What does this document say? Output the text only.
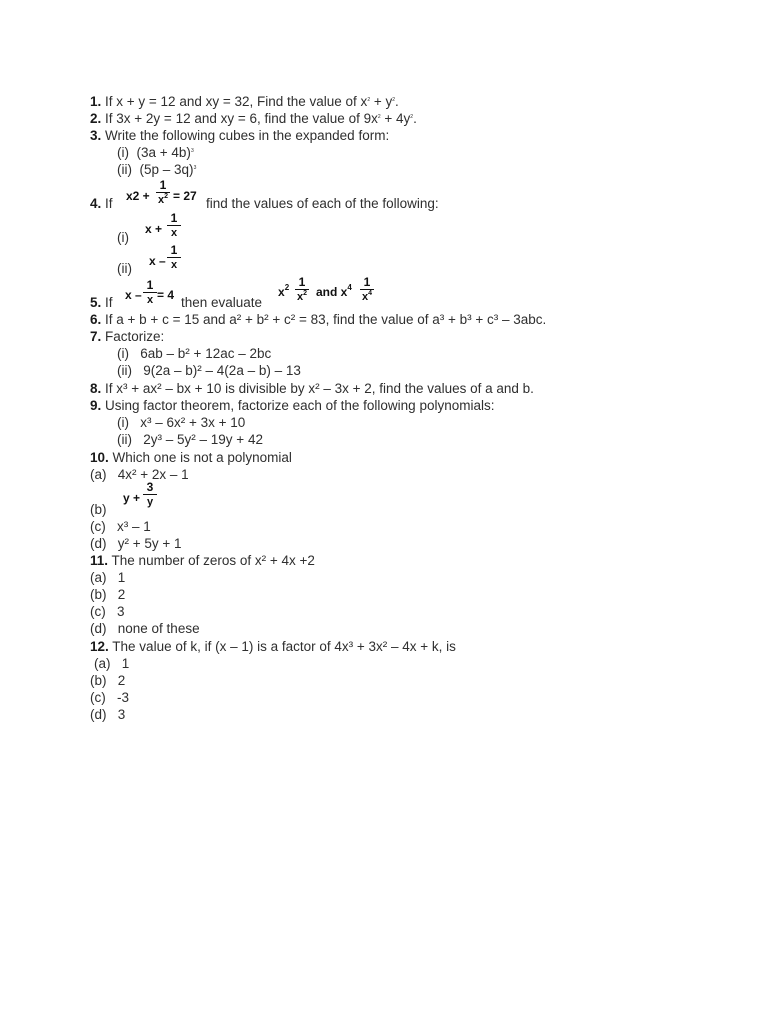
1. If x + y = 12 and xy = 32, Find the value of $x^2 + y^2$.
2. If 3x + 2y = 12 and xy = 6, find the value of $9x^2 + 4y^2$.
3. Write the following cubes in the expanded form:
(i) $(3a + 4b)^3$
(ii) (5p – 3q)$^3$
4. If x2 +
1
$x^2 = 27$ find the values of each of the following:
(i)
x +
1
x
(ii) x –
1
x
5. If x –
1
x = 4 then evaluate
$x^2$ 1
$x^2$ and $x^4$ 1
$x^4$
6. If a + b + c = 15 and a² + b² + c² = 83, find the value of a³ + b³ + c³ – 3abc.
7. Factorize:
(i) 6ab – b² + 12ac – 2bc
(ii) 9(2a – b)² – 4(2a – b) – 13
8. If x³ + ax² – bx + 10 is divisible by x² – 3x + 2, find the values of a and b.
9. Using factor theorem, factorize each of the following polynomials:
(i) x³ – 6x² + 3x + 10
(ii) 2y³ – 5y² – 19y + 42
10. Which one is not a polynomial
(a) 4x² + 2x – 1
y +
3
y
(b)
(c) x³ – 1
(d) y² + 5y + 1
11. The number of zeros of x² + 4x +2
(a) 1
(b) 2
(c) 3
(d) none of these
12. The value of k, if (x – 1) is a factor of 4x³ + 3x² – 4x + k, is
(a) 1
(b) 2
(c) -3
(d) 3
